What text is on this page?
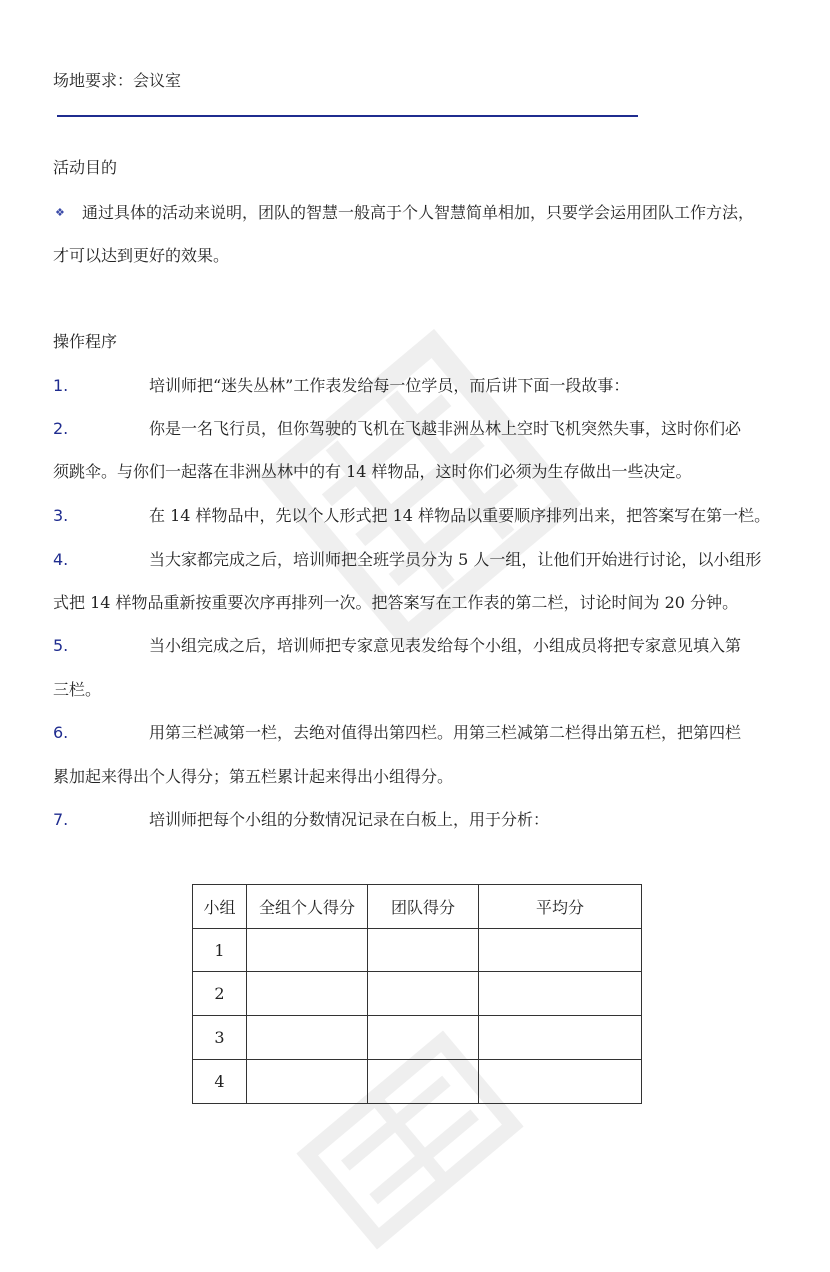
场地要求：会议室
活动目的
❖ 通过具体的活动来说明，团队的智慧一般高于个人智慧简单相加，只要学会运用团队工作方法，
才可以达到更好的效果。
操作程序
1.	培训师把“迷失丛林”工作表发给每一位学员，而后讲下面一段故事：
2.	你是一名飞行员，但你驾驶的飞机在飞越非洲丛林上空时飞机突然失事，这时你们必
须跳伞。与你们一起落在非洲丛林中的有 14 样物品，这时你们必须为生存做出一些决定。
3.	在 14 样物品中，先以个人形式把 14 样物品以重要顺序排列出来，把答案写在第一栏。
4.	当大家都完成之后，培训师把全班学员分为 5 人一组，让他们开始进行讨论，以小组形
式把 14 样物品重新按重要次序再排列一次。把答案写在工作表的第二栏，讨论时间为 20 分钟。
5.	当小组完成之后，培训师把专家意见表发给每个小组，小组成员将把专家意见填入第
三栏。
6.	用第三栏减第一栏，去绝对值得出第四栏。用第三栏减第二栏得出第五栏，把第四栏
累加起来得出个人得分；第五栏累计起来得出小组得分。
7.	培训师把每个小组的分数情况记录在白板上，用于分析：
小组	全组个人得分	团队得分	平均分
1			
2			
3			
4			
